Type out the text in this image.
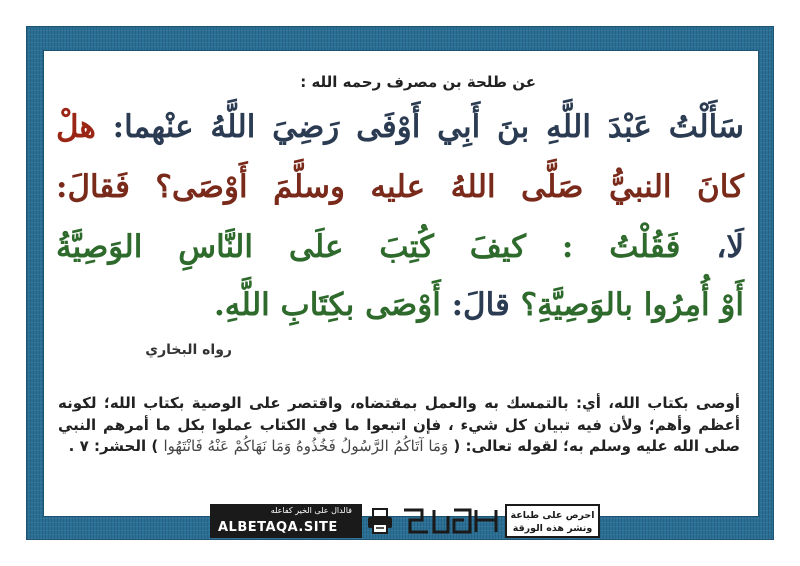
عن طلحة بن مصرف رحمه الله :
سَأَلْتُ عَبْدَ اللَّهِ بنَ أَبِي أَوْفَى رَضِيَ اللَّهُ عنْهما: هلْ
كانَ النبيُّ صَلَّى اللهُ عليه وسلَّمَ أَوْصَى؟ فَقالَ:
لَا، فَقُلْتُ : كيفَ كُتِبَ علَى النَّاسِ الوَصِيَّةُ
أَوْ أُمِرُوا بالوَصِيَّةِ؟ قالَ: أَوْصَى بكِتَابِ اللَّهِ.
رواه البخاري
أوصى بكتاب الله، أي: بالتمسك به والعمل بمقتضاه، واقتصر على الوصية بكتاب الله؛ لكونه أعظم وأهم؛ ولأن فيه تبيان كل شيء ، فإن اتبعوا ما في الكتاب عملوا بكل ما أمرهم النبي صلى الله عليه وسلم به؛ لقوله تعالى: ( وَمَا آتَاكُمُ الرَّسُولُ فَخُذُوهُ وَمَا نَهَاكُمْ عَنْهُ فَانْتَهُوا ) الحشر: ٧ .
فالدال على الخير كفاعله
ALBETAQA.SITE
احرص على طباعة
ونشر هذه الورقة
